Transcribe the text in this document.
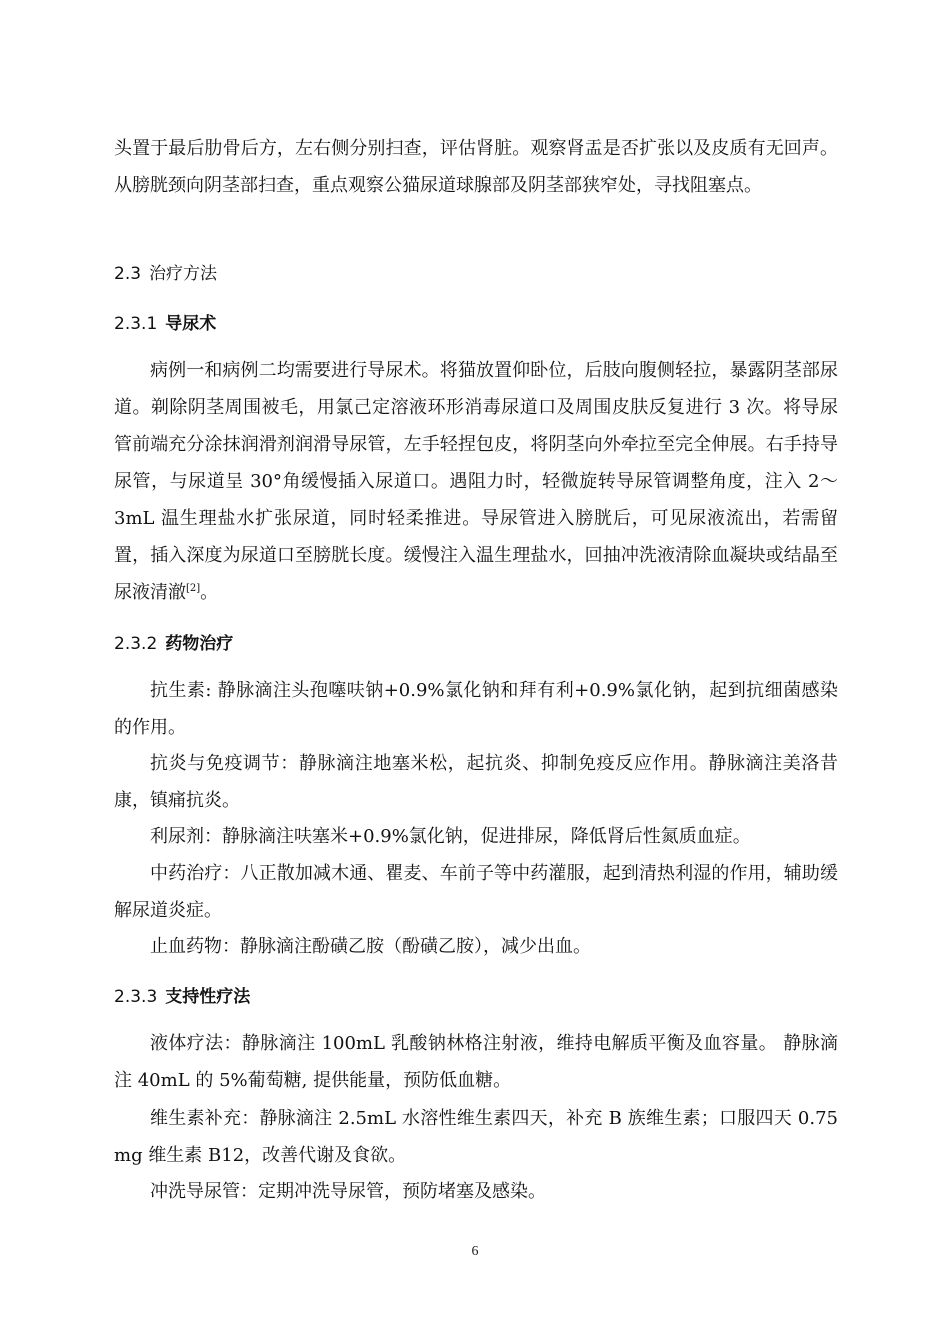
头置于最后肋骨后方，左右侧分别扫查，评估肾脏。观察肾盂是否扩张以及皮质有无回声。从膀胱颈向阴茎部扫查，重点观察公猫尿道球腺部及阴茎部狭窄处，寻找阻塞点。

2.3 治疗方法
2.3.1 导尿术

病例一和病例二均需要进行导尿术。将猫放置仰卧位，后肢向腹侧轻拉，暴露阴茎部尿道。剃除阴茎周围被毛，用氯己定溶液环形消毒尿道口及周围皮肤反复进行 3 次。将导尿管前端充分涂抹润滑剂润滑导尿管，左手轻捏包皮，将阴茎向外牵拉至完全伸展。右手持导尿管，与尿道呈 30°角缓慢插入尿道口。遇阻力时，轻微旋转导尿管调整角度，注入 2～3mL 温生理盐水扩张尿道，同时轻柔推进。导尿管进入膀胱后，可见尿液流出，若需留置，插入深度为尿道口至膀胱长度。缓慢注入温生理盐水，回抽冲洗液清除血凝块或结晶至尿液清澈[2]。

2.3.2 药物治疗

抗生素: 静脉滴注头孢噻呋钠+0.9%氯化钠和拜有利+0.9%氯化钠，起到抗细菌感染的作用。

抗炎与免疫调节：静脉滴注地塞米松，起抗炎、抑制免疫反应作用。静脉滴注美洛昔康，镇痛抗炎。

利尿剂：静脉滴注呋塞米+0.9%氯化钠，促进排尿，降低肾后性氮质血症。

中药治疗：八正散加减木通、瞿麦、车前子等中药灌服，起到清热利湿的作用，辅助缓解尿道炎症。

止血药物：静脉滴注酚磺乙胺（酚磺乙胺），减少出血。

2.3.3 支持性疗法

液体疗法：静脉滴注 100mL 乳酸钠林格注射液，维持电解质平衡及血容量。 静脉滴注 40mL 的 5%葡萄糖, 提供能量，预防低血糖。

维生素补充：静脉滴注 2.5mL 水溶性维生素四天，补充 B 族维生素；口服四天 0.75 mg 维生素 B12，改善代谢及食欲。

冲洗导尿管：定期冲洗导尿管，预防堵塞及感染。

6
